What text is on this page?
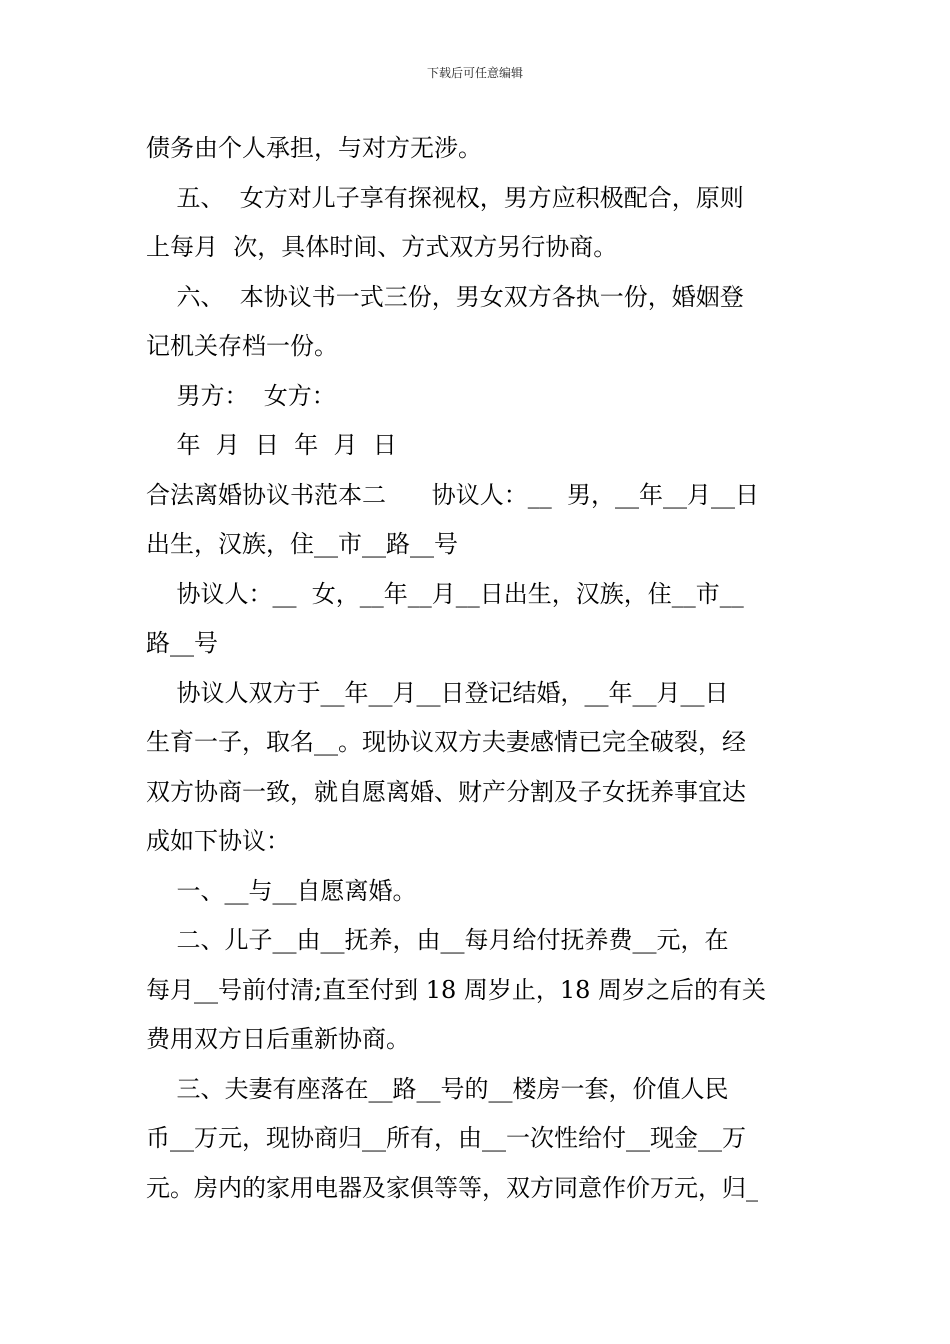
下载后可任意编辑
债务由个人承担，与对方无涉。
五、  女方对儿子享有探视权，男方应积极配合，原则
上每月  次，具体时间、方式双方另行协商。
六、  本协议书一式三份，男女双方各执一份，婚姻登
记机关存档一份。
男方：  女方：
年  月  日  年  月  日
合法离婚协议书范本二      协议人：__  男，__年__月__日
出生，汉族，住__市__路__号
协议人：__  女，__年__月__日出生，汉族，住__市__
路__号
协议人双方于__年__月__日登记结婚，__年__月__日
生育一子，取名__。现协议双方夫妻感情已完全破裂，经
双方协商一致，就自愿离婚、财产分割及子女抚养事宜达
成如下协议：
一、__与__自愿离婚。
二、儿子__由__抚养，由__每月给付抚养费__元，在
每月__号前付清;直至付到 18 周岁止，18 周岁之后的有关
费用双方日后重新协商。
三、夫妻有座落在__路__号的__楼房一套，价值人民
币__万元，现协商归__所有，由__一次性给付__现金__万
元。房内的家用电器及家俱等等，双方同意作价万元，归_
